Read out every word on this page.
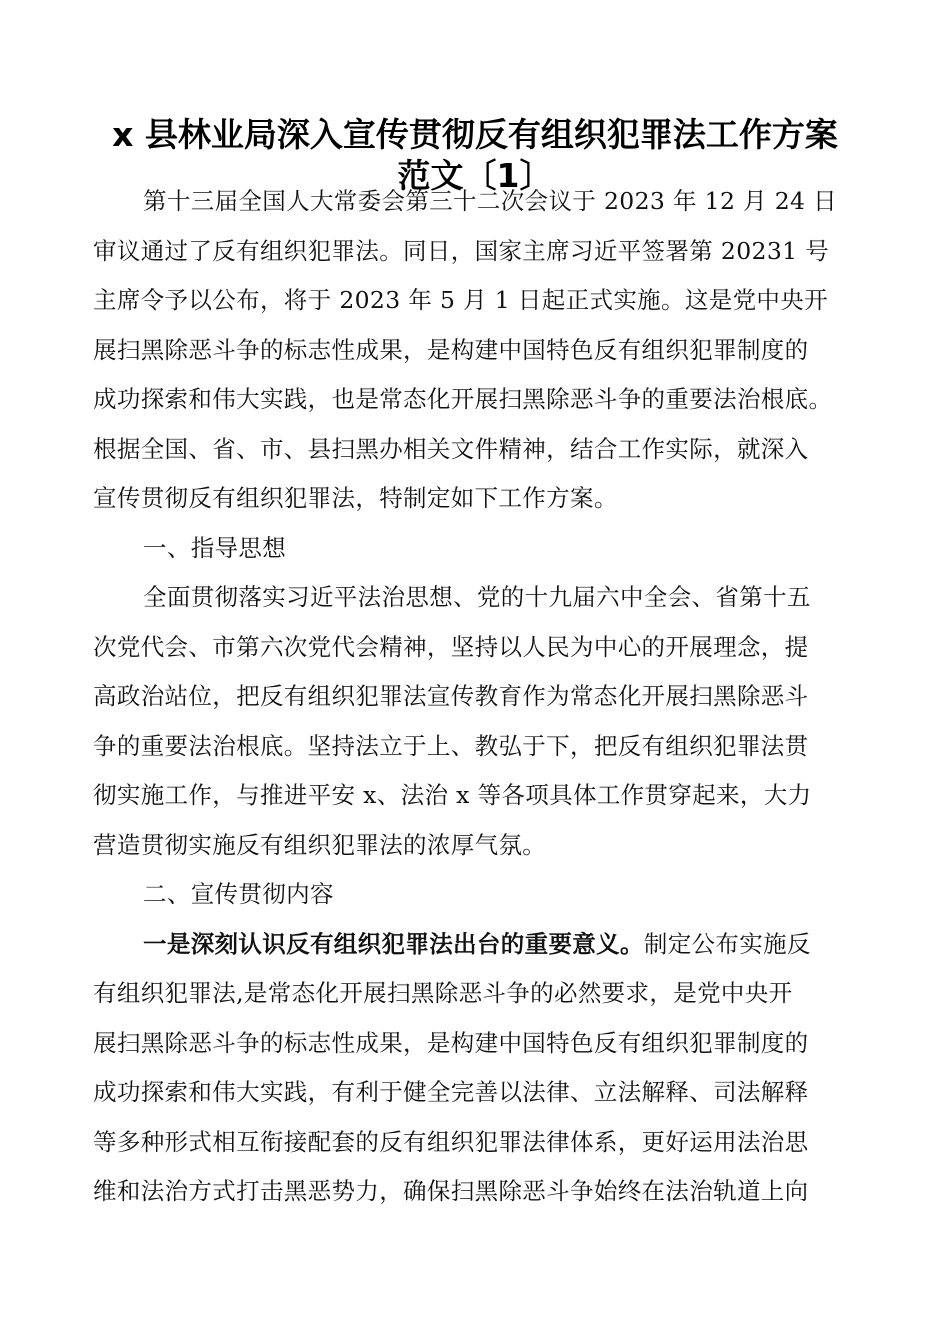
x 县林业局深入宣传贯彻反有组织犯罪法工作方案
范文〔1〕
第十三届全国人大常委会第三十二次会议于 2023 年 12 月 24 日
审议通过了反有组织犯罪法。同日，国家主席习近平签署第 20231 号
主席令予以公布，将于 2023 年 5 月 1 日起正式实施。这是党中央开
展扫黑除恶斗争的标志性成果，是构建中国特色反有组织犯罪制度的
成功探索和伟大实践，也是常态化开展扫黑除恶斗争的重要法治根底。
根据全国、省、市、县扫黑办相关文件精神，结合工作实际，就深入
宣传贯彻反有组织犯罪法，特制定如下工作方案。
一、指导思想
全面贯彻落实习近平法治思想、党的十九届六中全会、省第十五
次党代会、市第六次党代会精神，坚持以人民为中心的开展理念，提
高政治站位，把反有组织犯罪法宣传教育作为常态化开展扫黑除恶斗
争的重要法治根底。坚持法立于上、教弘于下，把反有组织犯罪法贯
彻实施工作，与推进平安 x、法治 x 等各项具体工作贯穿起来，大力
营造贯彻实施反有组织犯罪法的浓厚气氛。
二、宣传贯彻内容
一是深刻认识反有组织犯罪法出台的重要意义。制定公布实施反
有组织犯罪法,是常态化开展扫黑除恶斗争的必然要求，是党中央开
展扫黑除恶斗争的标志性成果，是构建中国特色反有组织犯罪制度的
成功探索和伟大实践，有利于健全完善以法律、立法解释、司法解释
等多种形式相互衔接配套的反有组织犯罪法律体系，更好运用法治思
维和法治方式打击黑恶势力，确保扫黑除恶斗争始终在法治轨道上向
